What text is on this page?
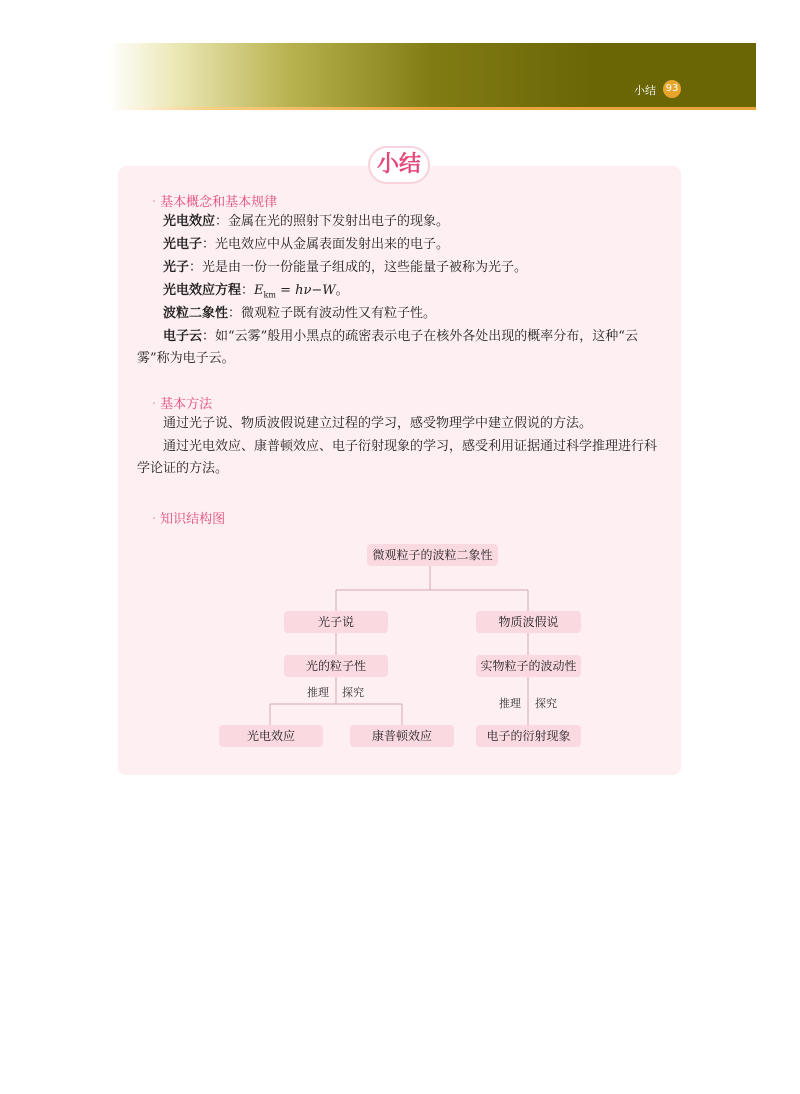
小结 93
小结
· 基本概念和基本规律

光电效应：金属在光的照射下发射出电子的现象。

光电子：光电效应中从金属表面发射出来的电子。

光子：光是由一份一份能量子组成的，这些能量子被称为光子。

光电效应方程：$E_{km} = h\nu-W$。

波粒二象性：微观粒子既有波动性又有粒子性。

电子云：如“云雾”般用小黑点的疏密表示电子在核外各处出现的概率分布，这种“云雾”称为电子云。

· 基本方法

通过光子说、物质波假说建立过程的学习，感受物理学中建立假说的方法。

通过光电效应、康普顿效应、电子衍射现象的学习，感受利用证据通过科学推理进行科学论证的方法。

· 知识结构图
微观粒子的波粒二象性
光子说	物质波假说
光的粒子性	实物粒子的波动性
推理 探究
推理 探究
光电效应	康普顿效应	电子的衍射现象
